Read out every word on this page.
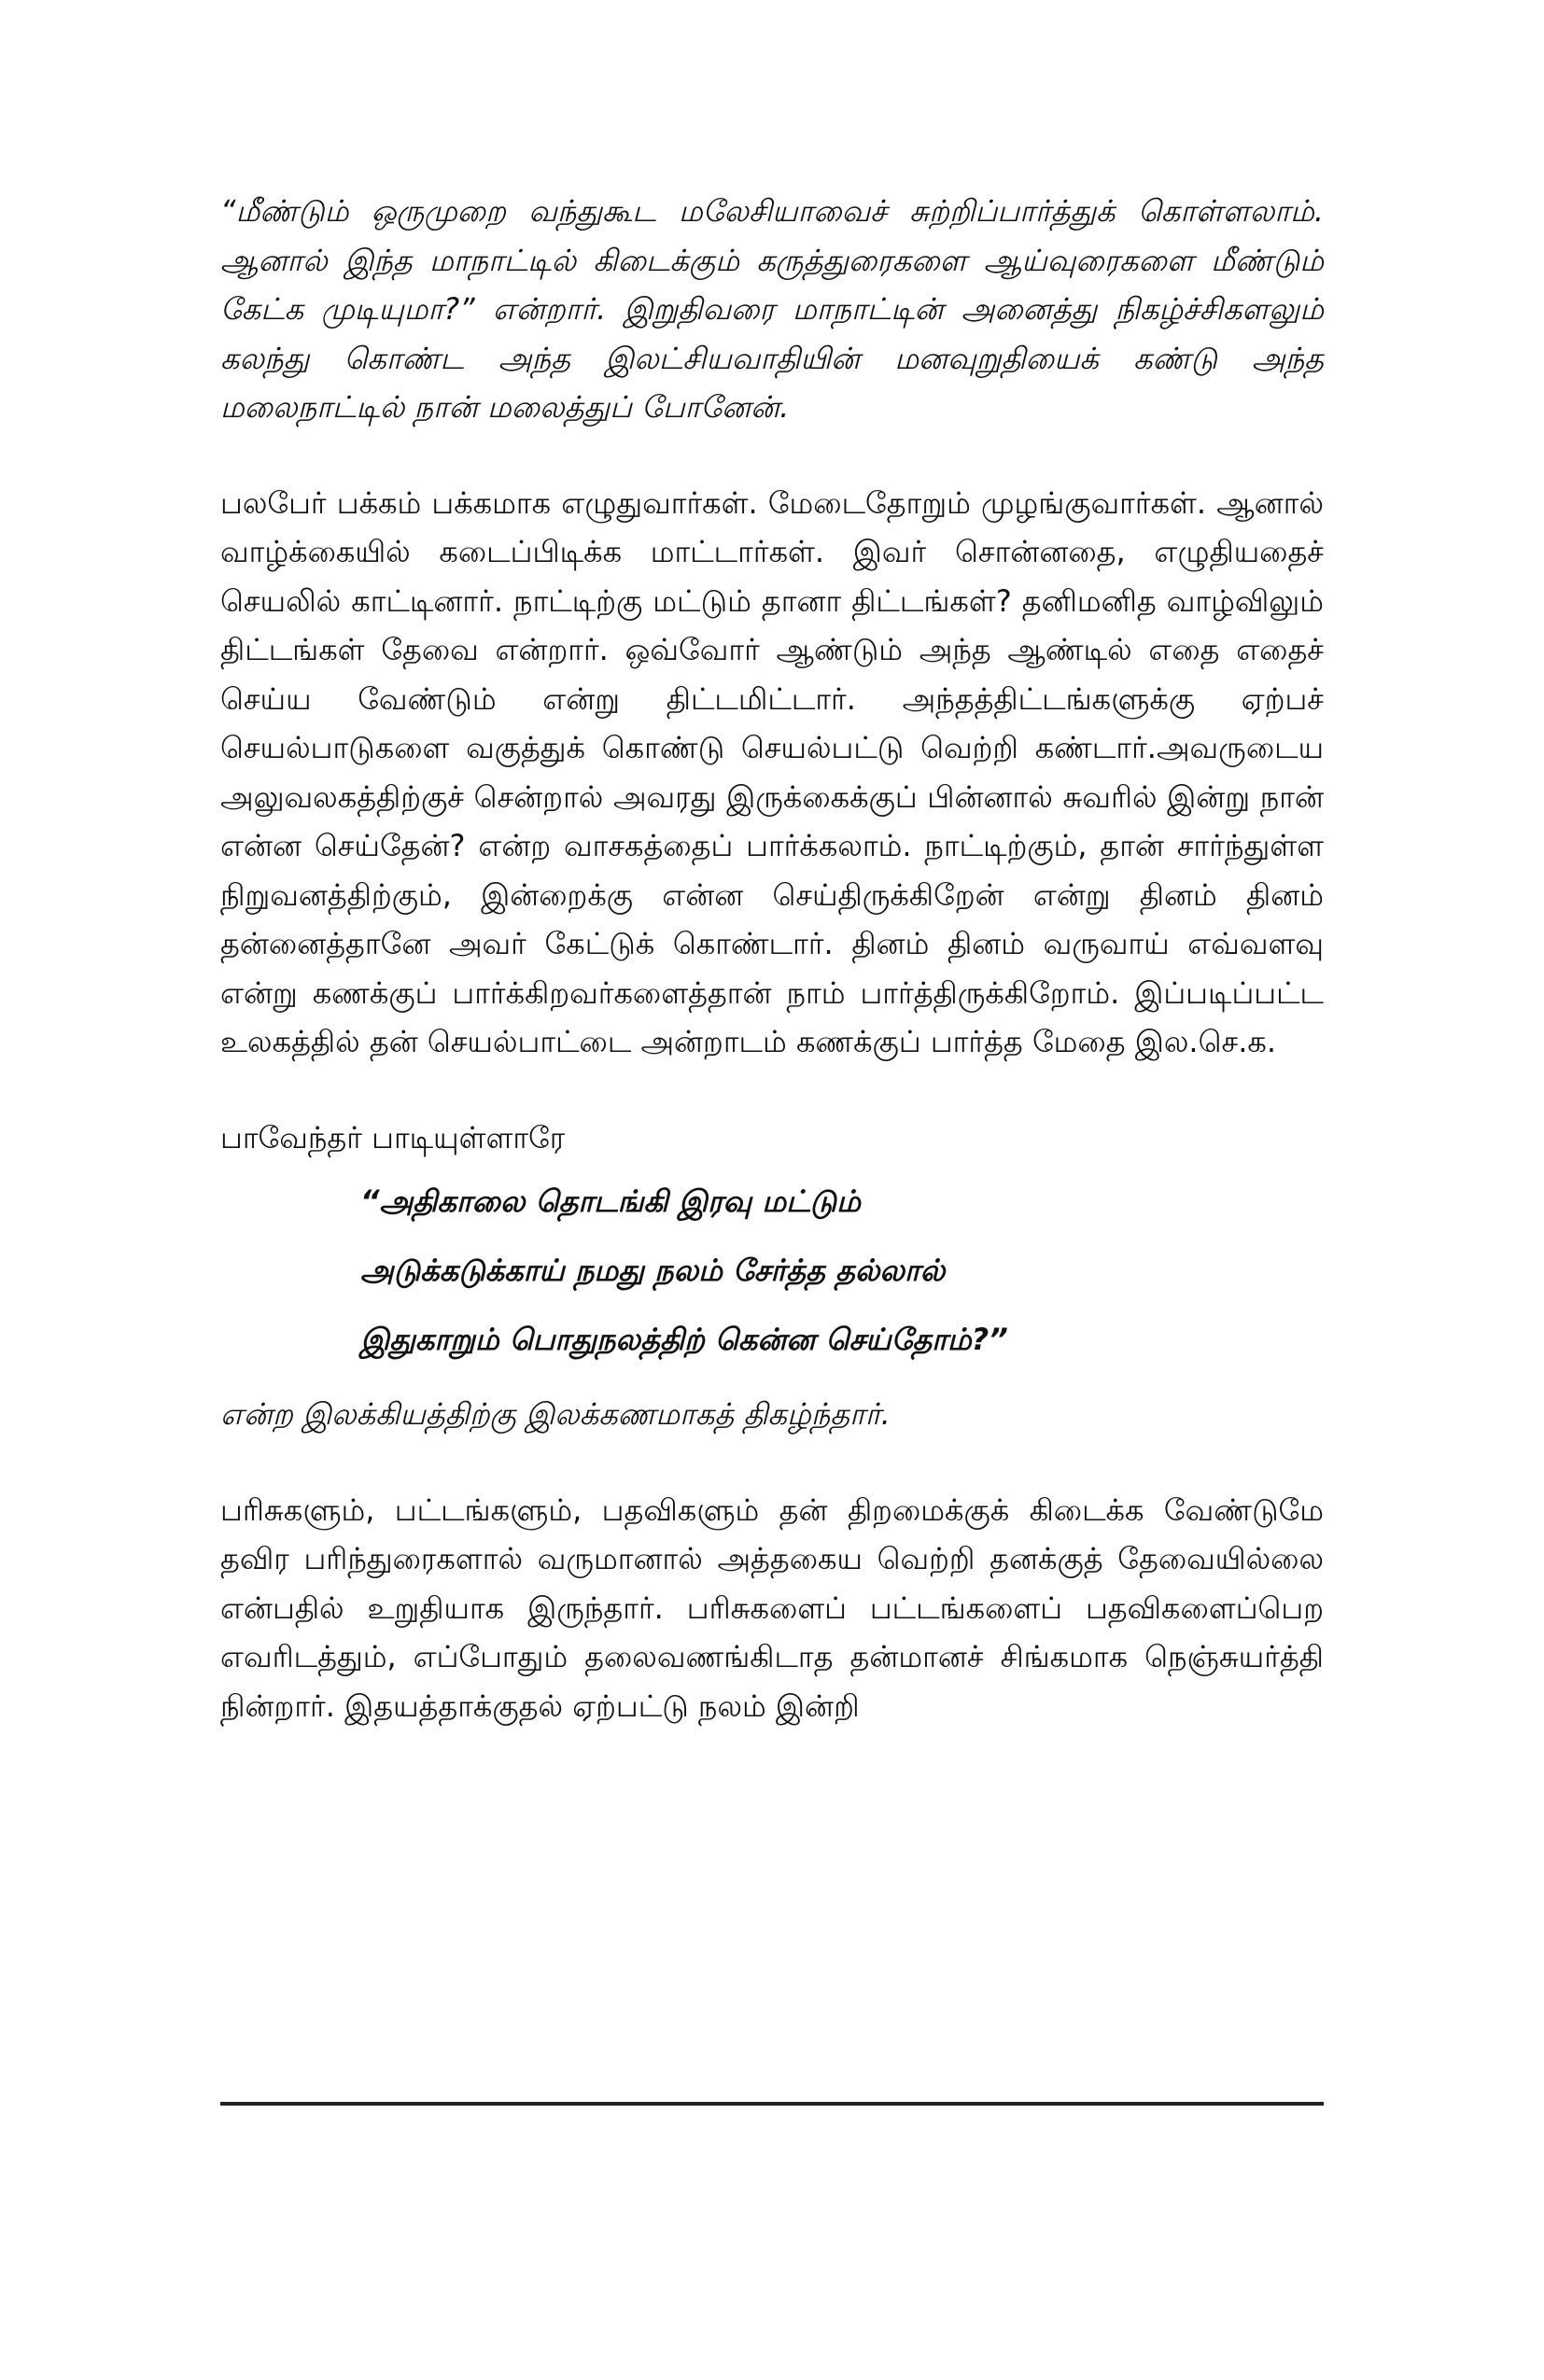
“மீண்டும் ஒருமுறை வந்துகூட மலேசியாவைச் சுற்றிப்பார்த்துக் கொள்ளலாம். ஆனால் இந்த மாநாட்டில் கிடைக்கும் கருத்துரைகளை ஆய்வுரைகளை மீண்டும் கேட்க முடியுமா?” என்றார். இறுதிவரை மாநாட்டின் அனைத்து நிகழ்ச்சிகளலும் கலந்து கொண்ட அந்த இலட்சியவாதியின் மனவுறுதியைக் கண்டு அந்த மலைநாட்டில் நான் மலைத்துப் போனேன்.

பலபேர் பக்கம் பக்கமாக எழுதுவார்கள். மேடைதோறும் முழங்குவார்கள். ஆனால் வாழ்க்கையில் கடைப்பிடிக்க மாட்டார்கள். இவர் சொன்னதை, எழுதியதைச் செயலில் காட்டினார். நாட்டிற்கு மட்டும் தானா திட்டங்கள்? தனிமனித வாழ்விலும் திட்டங்கள் தேவை என்றார். ஒவ்வோர் ஆண்டும் அந்த ஆண்டில் எதை எதைச் செய்ய வேண்டும் என்று திட்டமிட்டார். அந்தத்திட்டங்களுக்கு ஏற்பச் செயல்பாடுகளை வகுத்துக் கொண்டு செயல்பட்டு வெற்றி கண்டார்.அவருடைய அலுவலகத்திற்குச் சென்றால் அவரது இருக்கைக்குப் பின்னால் சுவரில் இன்று நான் என்ன செய்தேன்? என்ற வாசகத்தைப் பார்க்கலாம். நாட்டிற்கும், தான் சார்ந்துள்ள நிறுவனத்திற்கும், இன்றைக்கு என்ன செய்திருக்கிறேன் என்று தினம் தினம் தன்னைத்தானே அவர் கேட்டுக் கொண்டார். தினம் தினம் வருவாய் எவ்வளவு என்று கணக்குப் பார்க்கிறவர்களைத்தான் நாம் பார்த்திருக்கிறோம். இப்படிப்பட்ட உலகத்தில் தன் செயல்பாட்டை அன்றாடம் கணக்குப் பார்த்த மேதை இல.செ.க.

பாவேந்தர் பாடியுள்ளாரே

“அதிகாலை தொடங்கி இரவு மட்டும்

அடுக்கடுக்காய் நமது நலம் சேர்த்த தல்லால்

இதுகாறும் பொதுநலத்திற் கென்ன செய்தோம்?”

என்ற இலக்கியத்திற்கு இலக்கணமாகத் திகழ்ந்தார்.

பரிசுகளும், பட்டங்களும், பதவிகளும் தன் திறமைக்குக் கிடைக்க வேண்டுமே தவிர பரிந்துரைகளால் வருமானால் அத்தகைய வெற்றி தனக்குத் தேவையில்லை என்பதில் உறுதியாக இருந்தார். பரிசுகளைப் பட்டங்களைப் பதவிகளைப்பெற எவரிடத்தும், எப்போதும் தலைவணங்கிடாத தன்மானச் சிங்கமாக நெஞ்சுயர்த்தி நின்றார். இதயத்தாக்குதல் ஏற்பட்டு நலம் இன்றி
